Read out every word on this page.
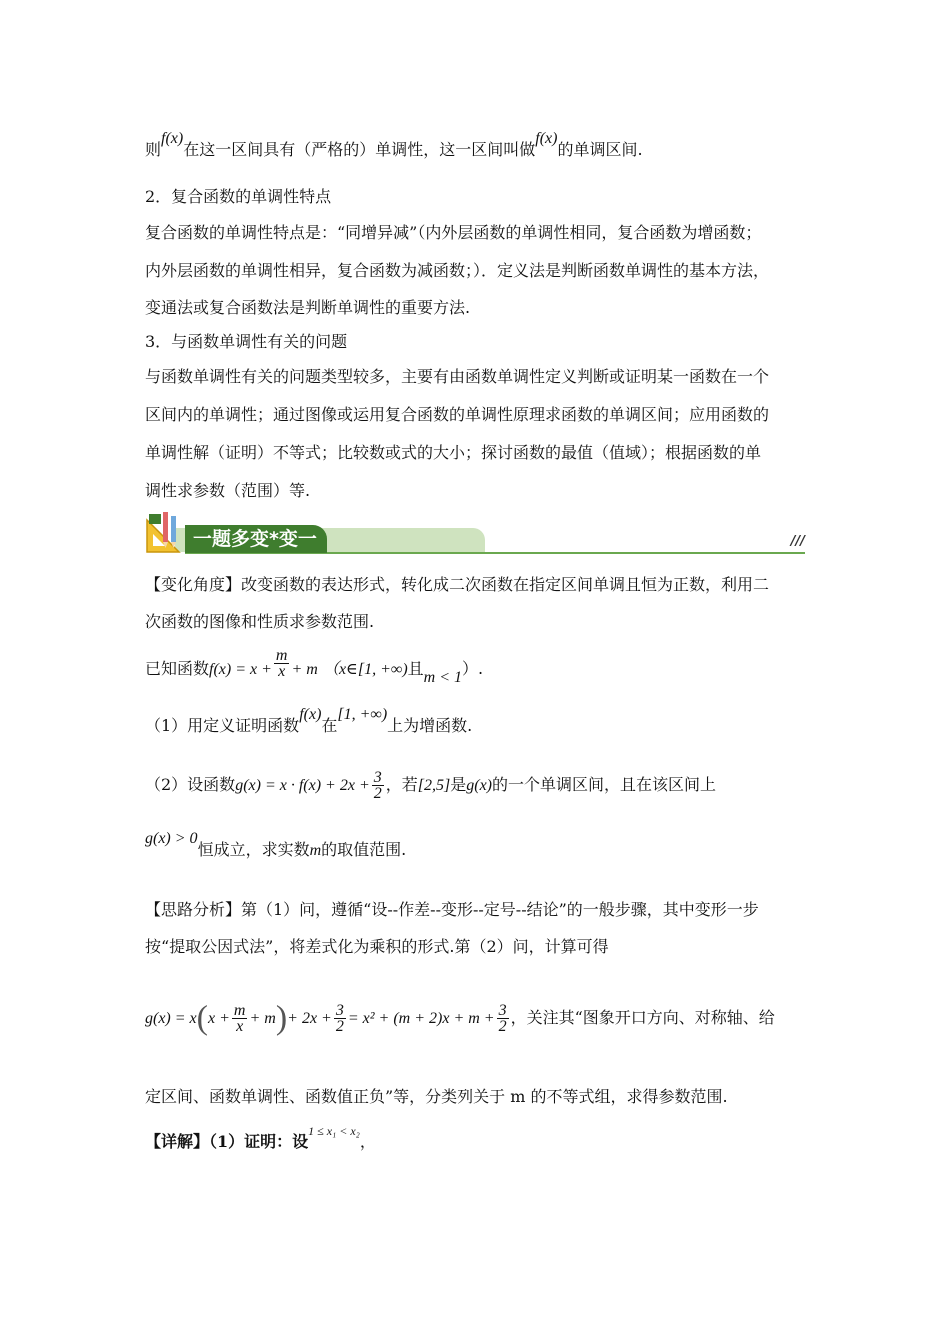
则f(x)在这一区间具有（严格的）单调性，这一区间叫做f(x)的单调区间.
2．复合函数的单调性特点
复合函数的单调性特点是：“同增异减”（内外层函数的单调性相同，复合函数为增函数；
内外层函数的单调性相异，复合函数为减函数；）．定义法是判断函数单调性的基本方法，
变通法或复合函数法是判断单调性的重要方法.
3．与函数单调性有关的问题
与函数单调性有关的问题类型较多，主要有由函数单调性定义判断或证明某一函数在一个
区间内的单调性；通过图像或运用复合函数的单调性原理求函数的单调区间；应用函数的
单调性解（证明）不等式；比较数或式的大小；探讨函数的最值（值域）；根据函数的单
调性求参数（范围）等.
一题多变*变一	///
【变化角度】改变函数的表达形式，转化成二次函数在指定区间单调且恒为正数，利用二
次函数的图像和性质求参数范围.
已知函数$f(x) = x + \frac{m}{x} + m$ （x∈[1, +∞)且m < 1）.
（1）用定义证明函数f(x)在[1, +∞)上为增函数.
（2）设函数$g(x) = x \cdot f(x) + 2x + \frac{3}{2}$ ，若[2,5]是g(x)的一个单调区间，且在该区间上
g(x) > 0恒成立，求实数m的取值范围.
【思路分析】第（1）问，遵循“设--作差--变形--定号--结论”的一般步骤，其中变形一步
按“提取公因式法”，将差式化为乘积的形式.第（2）问，计算可得
$g(x) = x(x + \frac{m}{x} + m)+ 2x + \frac{3}{2} = x^2 + (m + 2)x + m + \frac{3}{2}$ ，关注其“图象开口方向、对称轴、给
定区间、函数单调性、函数值正负”等，分类列关于 m 的不等式组，求得参数范围.
【详解】（1）证明：设$^{1 \le x_1 < x_2}$，
